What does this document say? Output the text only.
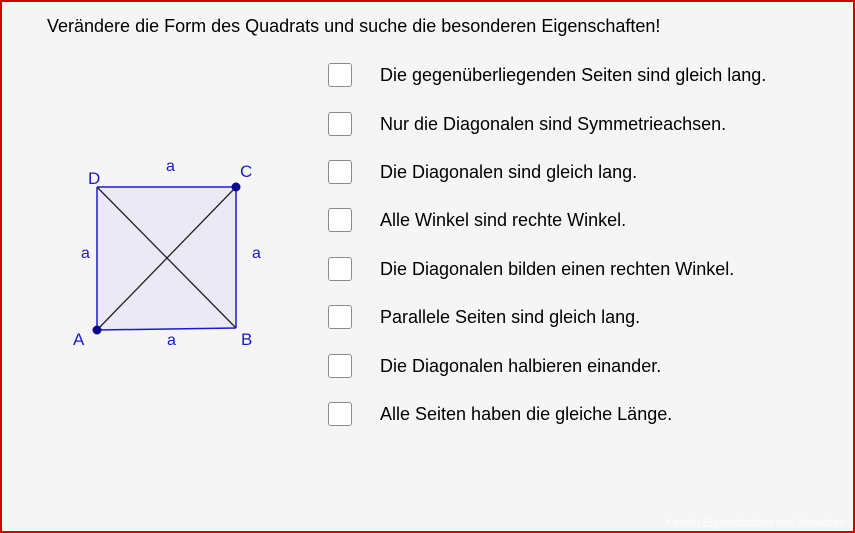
Verändere die Form des Quadrats und suche die besonderen Eigenschaften!
A	B
C
D
a
a
a
a
Die gegenüberliegenden Seiten sind gleich lang.
Nur die Diagonalen sind Symmetrieachsen.
Die Diagonalen sind gleich lang.
Alle Winkel sind rechte Winkel.
Die Diagonalen bilden einen rechten Winkel.
Parallele Seiten sind gleich lang.
Die Diagonalen halbieren einander.
Alle Seiten haben die gleiche Länge.
Kerstin Eigenschaften von Vierecken
